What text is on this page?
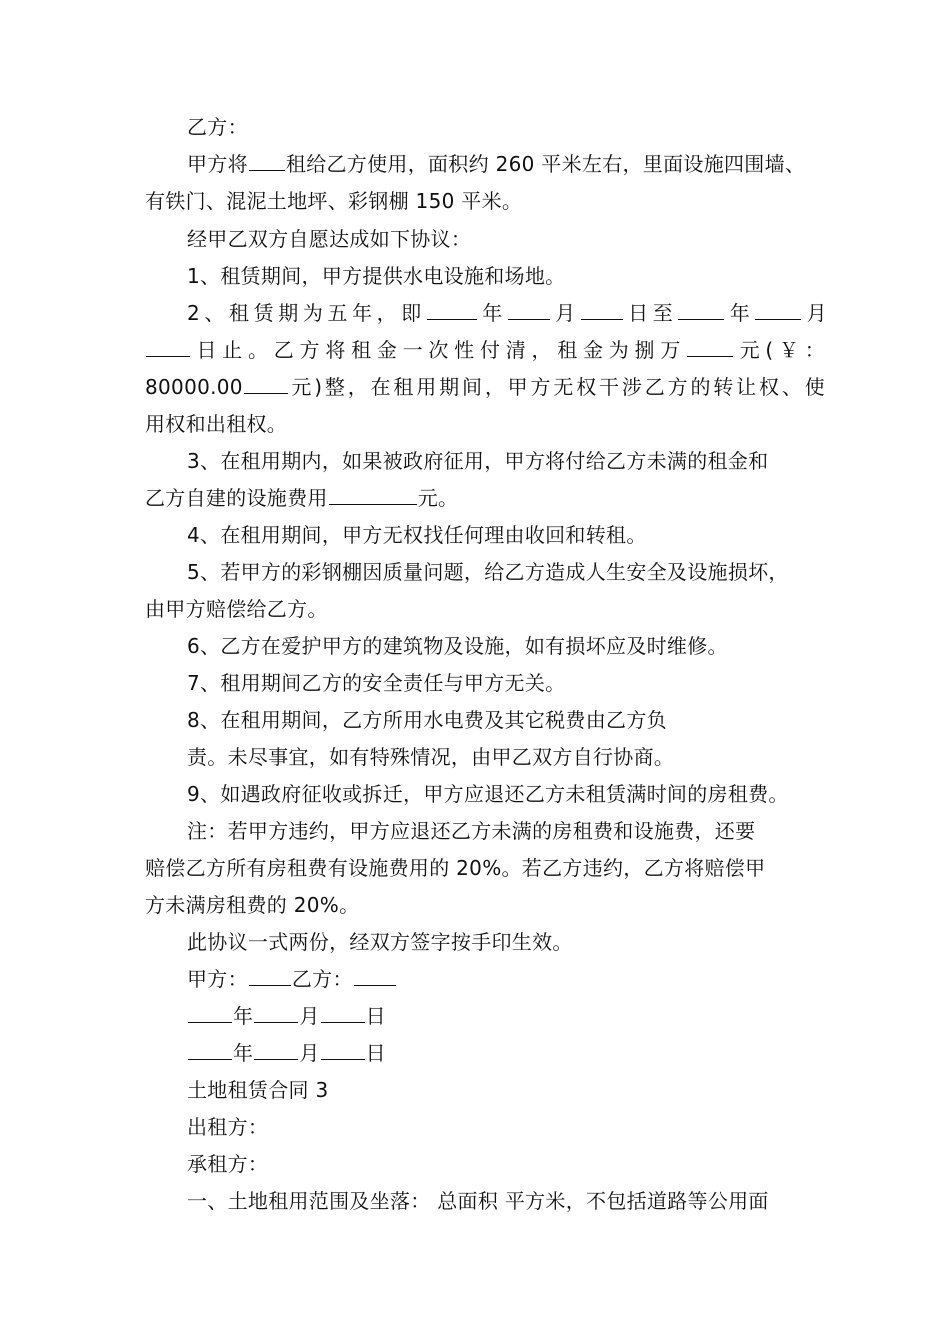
乙方：
甲方将 租给乙方使用，面积约 260 平米左右，里面设施四围墙、
有铁门、混泥土地坪、彩钢棚 150 平米。
经甲乙双方自愿达成如下协议：
1、租赁期间，甲方提供水电设施和场地。
2、租赁期为五年，即	年 月 日至 年 月
日止。乙方将租金一次性付清，租金为捌万 元(￥：
80000.00 元)整，在租用期间，甲方无权干涉乙方的转让权、使
用权和出租权。
3、在租用期内，如果被政府征用，甲方将付给乙方未满的租金和
乙方自建的设施费用	元。
4、在租用期间，甲方无权找任何理由收回和转租。
5、若甲方的彩钢棚因质量问题，给乙方造成人生安全及设施损坏，
由甲方赔偿给乙方。
6、乙方在爱护甲方的建筑物及设施，如有损坏应及时维修。
7、租用期间乙方的安全责任与甲方无关。
8、在租用期间，乙方所用水电费及其它税费由乙方负
责。未尽事宜，如有特殊情况，由甲乙双方自行协商。
9、如遇政府征收或拆迁，甲方应退还乙方未租赁满时间的房租费。
注：若甲方违约，甲方应退还乙方未满的房租费和设施费，还要
赔偿乙方所有房租费有设施费用的 20%。若乙方违约，乙方将赔偿甲
方未满房租费的 20%。
此协议一式两份，经双方签字按手印生效。
甲方： 乙方：
年 月 日
年 月 日
土地租赁合同 3
出租方：
承租方：
一、土地租用范围及坐落： 总面积 平方米，不包括道路等公用面
